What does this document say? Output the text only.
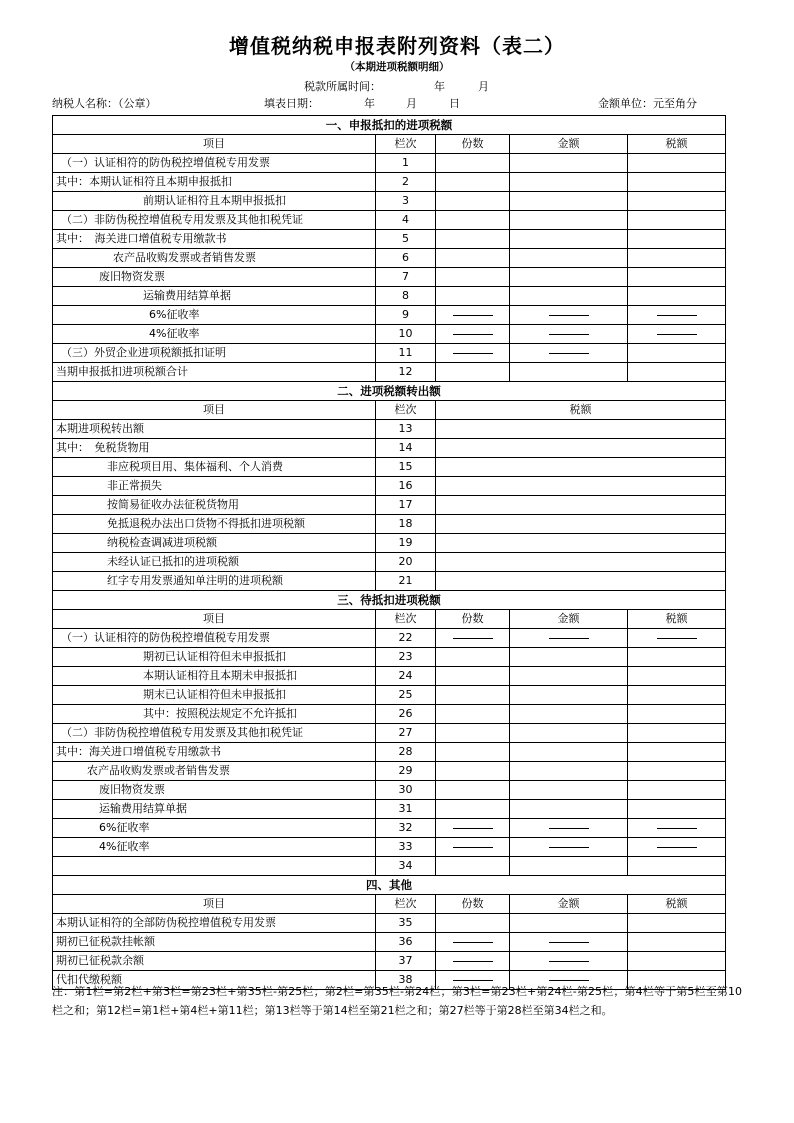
增值税纳税申报表附列资料（表二）
（本期进项税额明细）
税款所属时间：	年	月
纳税人名称：（公章）	填表日期：	年	月	日	金额单位：元至角分
一、申报抵扣的进项税额				
项目	栏次	份数	金额	税额
（一）认证相符的防伪税控增值税专用发票	1			
其中：本期认证相符且本期申报抵扣	2			
前期认证相符且本期申报抵扣	3			
（二）非防伪税控增值税专用发票及其他扣税凭证	4			
其中：　海关进口增值税专用缴款书	5			
农产品收购发票或者销售发票	6			
废旧物资发票	7			
运输费用结算单据	8			
6%征收率	9			
4%征收率	10			
（三）外贸企业进项税额抵扣证明	11			
当期申报抵扣进项税额合计	12			
二、进项税额转出额				
项目	栏次	税额		
本期进项税转出额	13			
其中：　免税货物用	14			
非应税项目用、集体福利、个人消费	15			
非正常损失	16			
按简易征收办法征税货物用	17			
免抵退税办法出口货物不得抵扣进项税额	18			
纳税检查调减进项税额	19			
未经认证已抵扣的进项税额	20			
红字专用发票通知单注明的进项税额	21			
三、待抵扣进项税额				
项目	栏次	份数	金额	税额
（一）认证相符的防伪税控增值税专用发票	22			
期初已认证相符但未申报抵扣	23			
本期认证相符且本期未申报抵扣	24			
期末已认证相符但未申报抵扣	25			
其中：按照税法规定不允许抵扣	26			
（二）非防伪税控增值税专用发票及其他扣税凭证	27			
其中：海关进口增值税专用缴款书	28			
农产品收购发票或者销售发票	29			
废旧物资发票	30			
运输费用结算单据	31			
6%征收率	32			
4%征收率	33			
	34			
四、其他				
项目	栏次	份数	金额	税额
本期认证相符的全部防伪税控增值税专用发票	35			
期初已征税款挂帐额	36			
期初已征税款余额	37			
代扣代缴税额	38			
注：第1栏=第2栏+第3栏=第23栏+第35栏-第25栏；第2栏=第35栏-第24栏；第3栏=第23栏+第24栏-第25栏；第4栏等于第5栏至第10栏之和；第12栏=第1栏+第4栏+第11栏；第13栏等于第14栏至第21栏之和；第27栏等于第28栏至第34栏之和。
